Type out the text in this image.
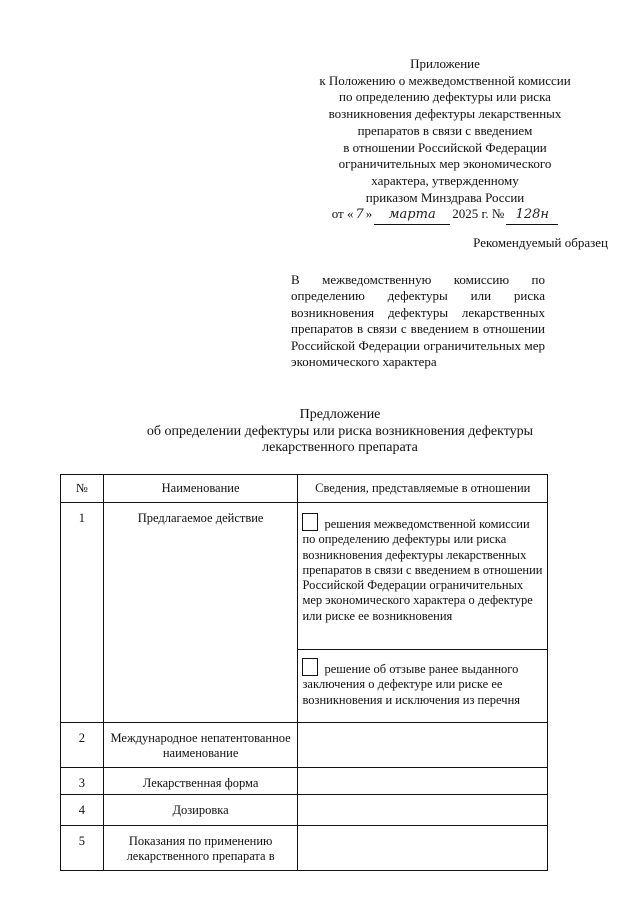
Приложение
к Положению о межведомственной комиссии
по определению дефектуры или риска
возникновения дефектуры лекарственных
препаратов в связи с введением
в отношении Российской Федерации
ограничительных мер экономического
характера, утвержденному
приказом Минздрава России
от « 7 »	марта	2025 г. № 128н
Рекомендуемый образец
В межведомственную комиссию по определению дефектуры или риска возникновения дефектуры лекарственных препаратов в связи с введением в отношении Российской Федерации ограничительных мер экономического характера
Предложение
об определении дефектуры или риска возникновения дефектуры
лекарственного препарата
№	Наименование	Сведения, представляемые в отношении
1	Предлагаемое действие	решения межведомственной комиссии по определению дефектуры или риска возникновения дефектуры лекарственных препаратов в связи с введением в отношении Российской Федерации ограничительных мер экономического характера о дефектуре или риске ее возникновения
		решение об отзыве ранее выданного заключения о дефектуре или риске ее возникновения и исключения из перечня
2	Международное непатентованное наименование	
3	Лекарственная форма	
4	Дозировка	
5	Показания по применению лекарственного препарата в	
